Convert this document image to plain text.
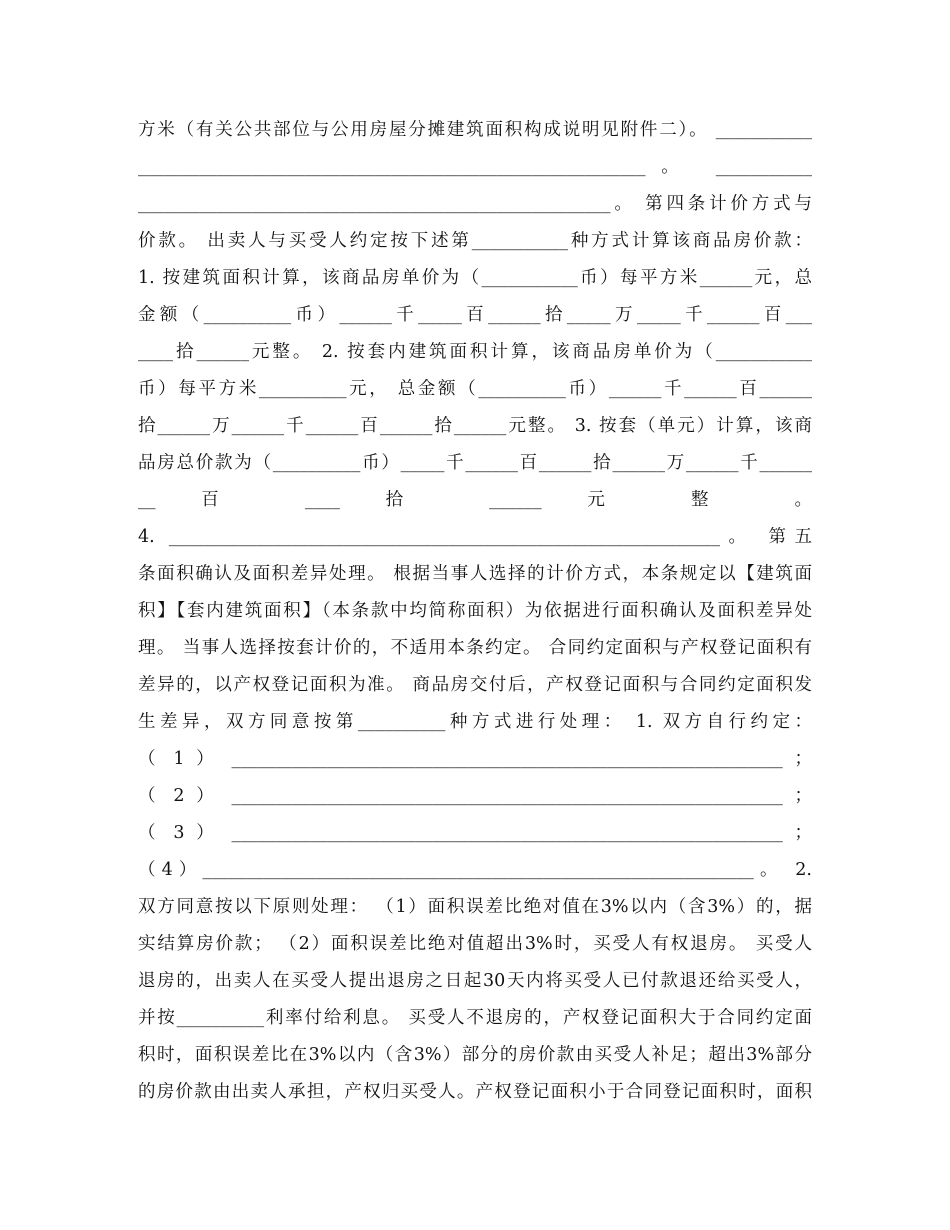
方米（有关公共部位与公用房屋分摊建筑面积构成说明见附件二）。 ___________
__________________________________________________________。 ___________
______________________________________________________。 第四条计价方式与
价款。 出卖人与买受人约定按下述第___________种方式计算该商品房价款：
1. 按建筑面积计算，该商品房单价为（___________币）每平方米______元，总
金额（__________币）______千_____百______拾_____万_____千______百___
____拾______元整。 2. 按套内建筑面积计算，该商品房单价为（___________
币）每平方米__________元， 总金额（__________币）______千______百______
拾______万______千______百______拾______元整。 3. 按套（单元）计算，该商
品房总价款为（__________币）_____千______百______拾______万______千______
__ 百 ____ 拾 ______ 元 整 。
4. _______________________________________________________________。 第五
条面积确认及面积差异处理。 根据当事人选择的计价方式，本条规定以【建筑面
积】【套内建筑面积】（本条款中均简称面积）为依据进行面积确认及面积差异处
理。 当事人选择按套计价的，不适用本条约定。 合同约定面积与产权登记面积有
差异的，以产权登记面积为准。 商品房交付后，产权登记面积与合同约定面积发
生差异，双方同意按第__________种方式进行处理： 1. 双方自行约定：
（ 1 ） _______________________________________________________________ ；
（ 2 ） _______________________________________________________________ ；
（ 3 ） _______________________________________________________________ ；
（4）_______________________________________________________________。 2.
双方同意按以下原则处理： （1）面积误差比绝对值在3%以内（含3%）的，据
实结算房价款； （2）面积误差比绝对值超出3%时，买受人有权退房。 买受人
退房的，出卖人在买受人提出退房之日起30天内将买受人已付款退还给买受人，
并按__________利率付给利息。 买受人不退房的，产权登记面积大于合同约定面
积时，面积误差比在3%以内（含3%）部分的房价款由买受人补足；超出3%部分
的房价款由出卖人承担，产权归买受人。产权登记面积小于合同登记面积时，面积
